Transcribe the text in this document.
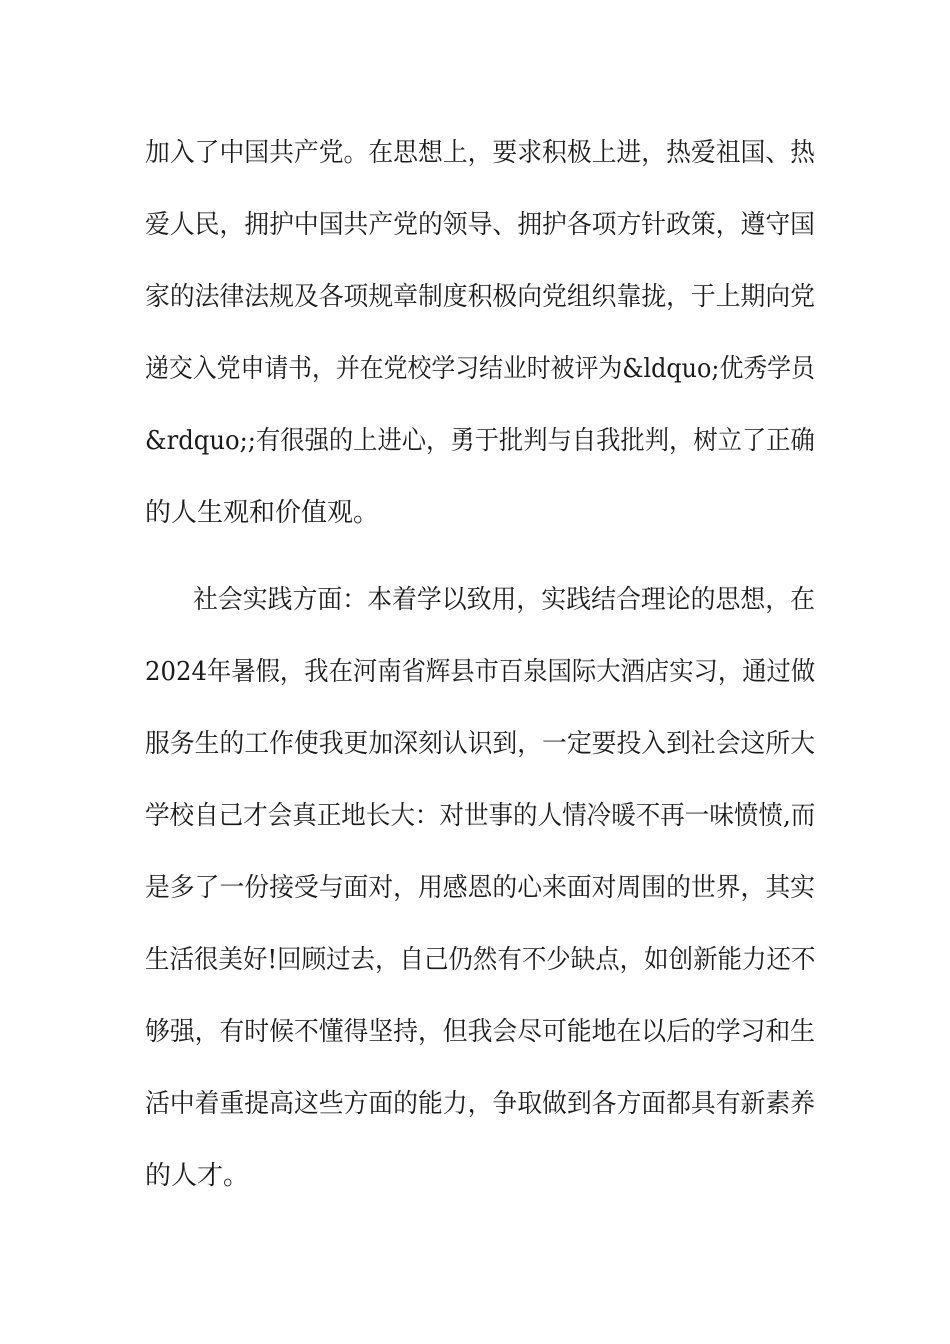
加入了中国共产党。在思想上，要求积极上进，热爱祖国、热
爱人民，拥护中国共产党的领导、拥护各项方针政策，遵守国
家的法律法规及各项规章制度积极向党组织靠拢，于上期向党
递交入党申请书，并在党校学习结业时被评为&ldquo;优秀学员
&rdquo;;有很强的上进心，勇于批判与自我批判，树立了正确
的人生观和价值观。
社会实践方面：本着学以致用，实践结合理论的思想，在
2024年暑假，我在河南省辉县市百泉国际大酒店实习，通过做
服务生的工作使我更加深刻认识到，一定要投入到社会这所大
学校自己才会真正地长大：对世事的人情冷暖不再一味愤愤,而
是多了一份接受与面对，用感恩的心来面对周围的世界，其实
生活很美好!回顾过去，自己仍然有不少缺点，如创新能力还不
够强，有时候不懂得坚持，但我会尽可能地在以后的学习和生
活中着重提高这些方面的能力，争取做到各方面都具有新素养
的人才。
